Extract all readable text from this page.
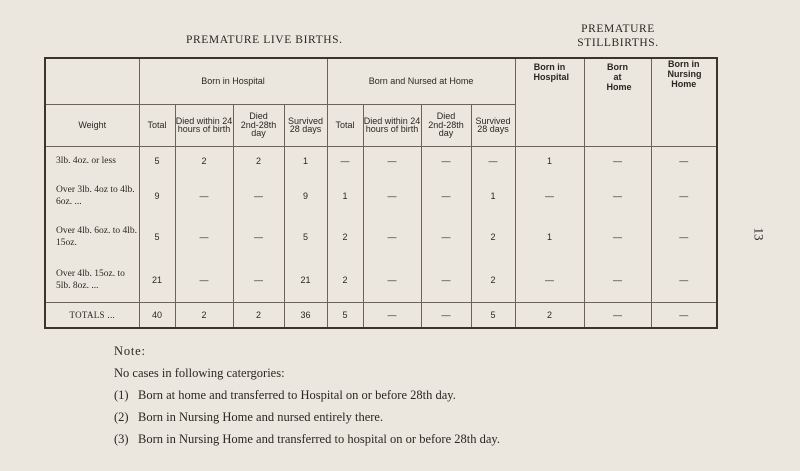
PREMATURE LIVE BIRTHS.
PREMATURE STILLBIRTHS.
	Born in Hospital				Born and Nursed at Home				Born in Hospital	Born at Home	Born in Nursing Home
Weight	Total	Died within 24 hours of birth	Died 2nd-28th day	Survived 28 days	Total	Died within 24 hours of birth	Died 2nd-28th day	Survived 28 days			
3lb. 4oz. or less	5	2	2	1	—	—	—	—	1	—	—
Over 3lb. 4oz to 4lb. 6oz. ...	9	—	—	9	1	—	—	1	—	—	—
Over 4lb. 6oz. to 4lb. 15oz.	5	—	—	5	2	—	—	2	1	—	—
Over 4lb. 15oz. to 5lb. 8oz. ...	21	—	—	21	2	—	—	2	—	—	—
TOTALS ...	40	2	2	36	5	—	—	5	2	—	—
13
Note:
No cases in following catergories:
(1) Born at home and transferred to Hospital on or before 28th day.
(2) Born in Nursing Home and nursed entirely there.
(3) Born in Nursing Home and transferred to hospital on or before 28th day.
